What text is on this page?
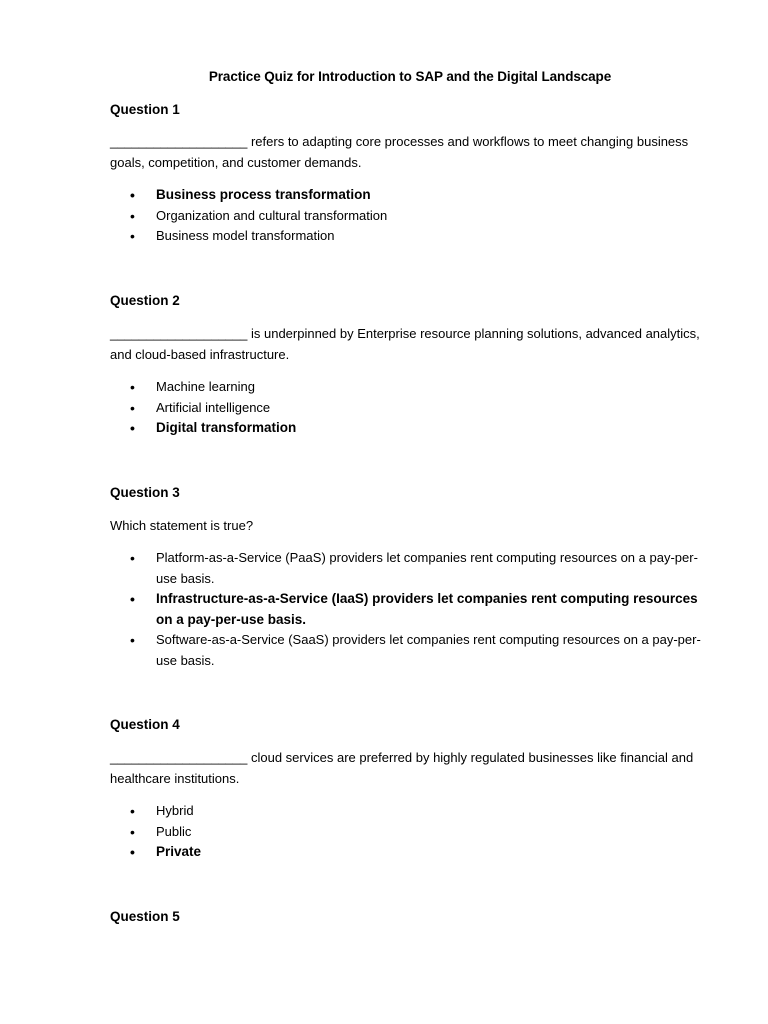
Practice Quiz for Introduction to SAP and the Digital Landscape
Question 1
___________________ refers to adapting core processes and workflows to meet changing business goals, competition, and customer demands.
• Business process transformation
• Organization and cultural transformation
• Business model transformation
Question 2
___________________ is underpinned by Enterprise resource planning solutions, advanced analytics, and cloud-based infrastructure.
• Machine learning
• Artificial intelligence
• Digital transformation
Question 3
Which statement is true?
• Platform-as-a-Service (PaaS) providers let companies rent computing resources on a pay-per-use basis.
• Infrastructure-as-a-Service (IaaS) providers let companies rent computing resources on a pay-per-use basis.
• Software-as-a-Service (SaaS) providers let companies rent computing resources on a pay-per-use basis.
Question 4
___________________ cloud services are preferred by highly regulated businesses like financial and healthcare institutions.
• Hybrid
• Public
• Private
Question 5
